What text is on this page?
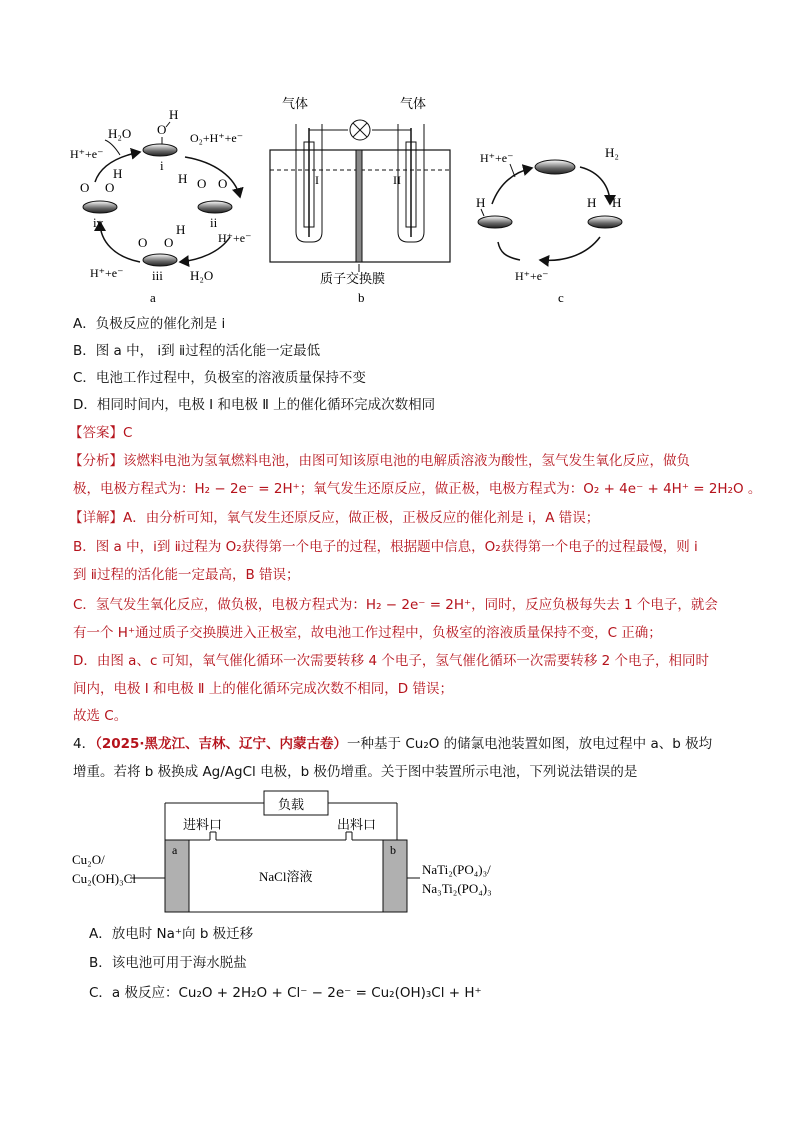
O
H
H₂O
H⁺+e⁻
O₂+H⁺+e⁻
i
H O O
ii
H⁺+e⁻
O O
H
iv
O O
H
iii
H⁺+e⁻	H₂O
a
气体	气体
I	II
质子交换膜
b
H⁺+e⁻	H₂
H	H H
H⁺+e⁻
c
A．负极反应的催化剂是 ⅰ
B．图 a 中， ⅰ到 ⅱ过程的活化能一定最低
C．电池工作过程中，负极室的溶液质量保持不变
D．相同时间内，电极 Ⅰ 和电极 Ⅱ 上的催化循环完成次数相同
【答案】C
【分析】该燃料电池为氢氧燃料电池，由图可知该原电池的电解质溶液为酸性，氢气发生氧化反应，做负
极，电极方程式为：H₂ − 2e⁻ = 2H⁺；氧气发生还原反应，做正极，电极方程式为：O₂ + 4e⁻ + 4H⁺ = 2H₂O 。
【详解】A．由分析可知，氧气发生还原反应，做正极，正极反应的催化剂是 ⅰ，A 错误；
B．图 a 中，ⅰ到 ⅱ过程为 O₂获得第一个电子的过程，根据题中信息，O₂获得第一个电子的过程最慢，则 ⅰ
到 ⅱ过程的活化能一定最高，B 错误；
C．氢气发生氧化反应，做负极，电极方程式为：H₂ − 2e⁻ = 2H⁺，同时，反应负极每失去 1 个电子，就会
有一个 H⁺通过质子交换膜进入正极室，故电池工作过程中，负极室的溶液质量保持不变，C 正确；
D．由图 a、c 可知，氧气催化循环一次需要转移 4 个电子，氢气催化循环一次需要转移 2 个电子，相同时
间内，电极 Ⅰ 和电极 Ⅱ 上的催化循环完成次数不相同，D 错误；
故选 C。
4．（2025·黑龙江、吉林、辽宁、内蒙古卷）一种基于 Cu₂O 的储氯电池装置如图，放电过程中 a、b 极均
增重。若将 b 极换成 Ag/AgCl 电极，b 极仍增重。关于图中装置所示电池，下列说法错误的是
负载
进料口	出料口
a	b
NaCl溶液
Cu₂O/
Cu₂(OH)₃Cl
NaTi₂(PO₄)₃/
Na₃Ti₂(PO₄)₃
A．放电时 Na⁺向 b 极迁移
B．该电池可用于海水脱盐
C．a 极反应：Cu₂O + 2H₂O + Cl⁻ − 2e⁻ = Cu₂(OH)₃Cl + H⁺
